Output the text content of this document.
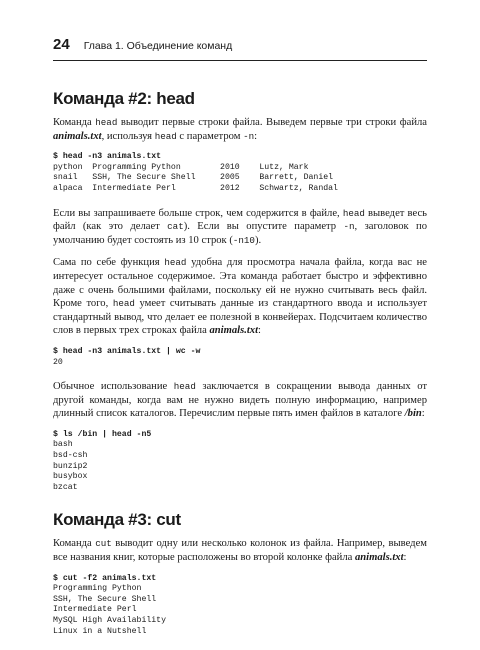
24 Глава 1. Объединение команд
Команда #2: head

Команда head выводит первые строки файла. Выведем первые три строки файла animals.txt, используя head с параметром -n:

$ head -n3 animals.txt
python  Programming Python        2010    Lutz, Mark
snail   SSH, The Secure Shell     2005    Barrett, Daniel
alpaca  Intermediate Perl         2012    Schwartz, Randal

Если вы запрашиваете больше строк, чем содержится в файле, head выведет весь файл (как это делает cat). Если вы опустите параметр -n, заголовок по умолчанию будет состоять из 10 строк (-n10).

Сама по себе функция head удобна для просмотра начала файла, когда вас не интересует остальное содержимое. Эта команда работает быстро и эффективно даже с очень большими файлами, поскольку ей не нужно считывать весь файл. Кроме того, head умеет считывать данные из стандартного ввода и использует стандартный вывод, что делает ее полезной в конвейерах. Подсчитаем количество слов в первых трех строках файла animals.txt:

$ head -n3 animals.txt | wc -w
20

Обычное использование head заключается в сокращении вывода данных от другой команды, когда вам не нужно видеть полную информацию, например длинный список каталогов. Перечислим первые пять имен файлов в каталоге /bin:

$ ls /bin | head -n5
bash
bsd-csh
bunzip2
busybox
bzcat
Команда #3: cut

Команда cut выводит одну или несколько колонок из файла. Например, выведем все названия книг, которые расположены во второй колонке файла animals.txt:

$ cut -f2 animals.txt
Programming Python
SSH, The Secure Shell
Intermediate Perl
MySQL High Availability
Linux in a Nutshell
